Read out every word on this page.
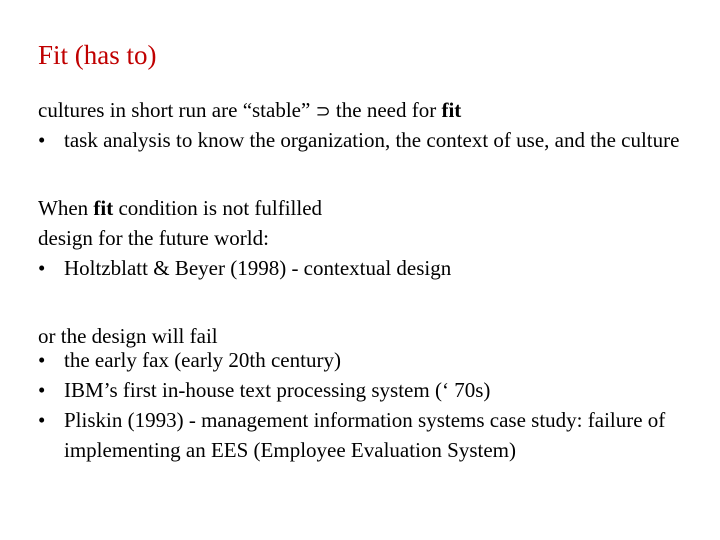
Fit (has to)
cultures in short run are “stable” ⊃ the need for fit
• task analysis to know the organization, the context of use, and the culture
When fit condition is not fulfilled
design for the future world:
• Holtzblatt & Beyer (1998) - contextual design
or the design will fail
• the early fax (early 20th century)
• IBM’s first in-house text processing system (‘ 70s)
• Pliskin (1993) - management information systems case study: failure of implementing an EES (Employee Evaluation System)
